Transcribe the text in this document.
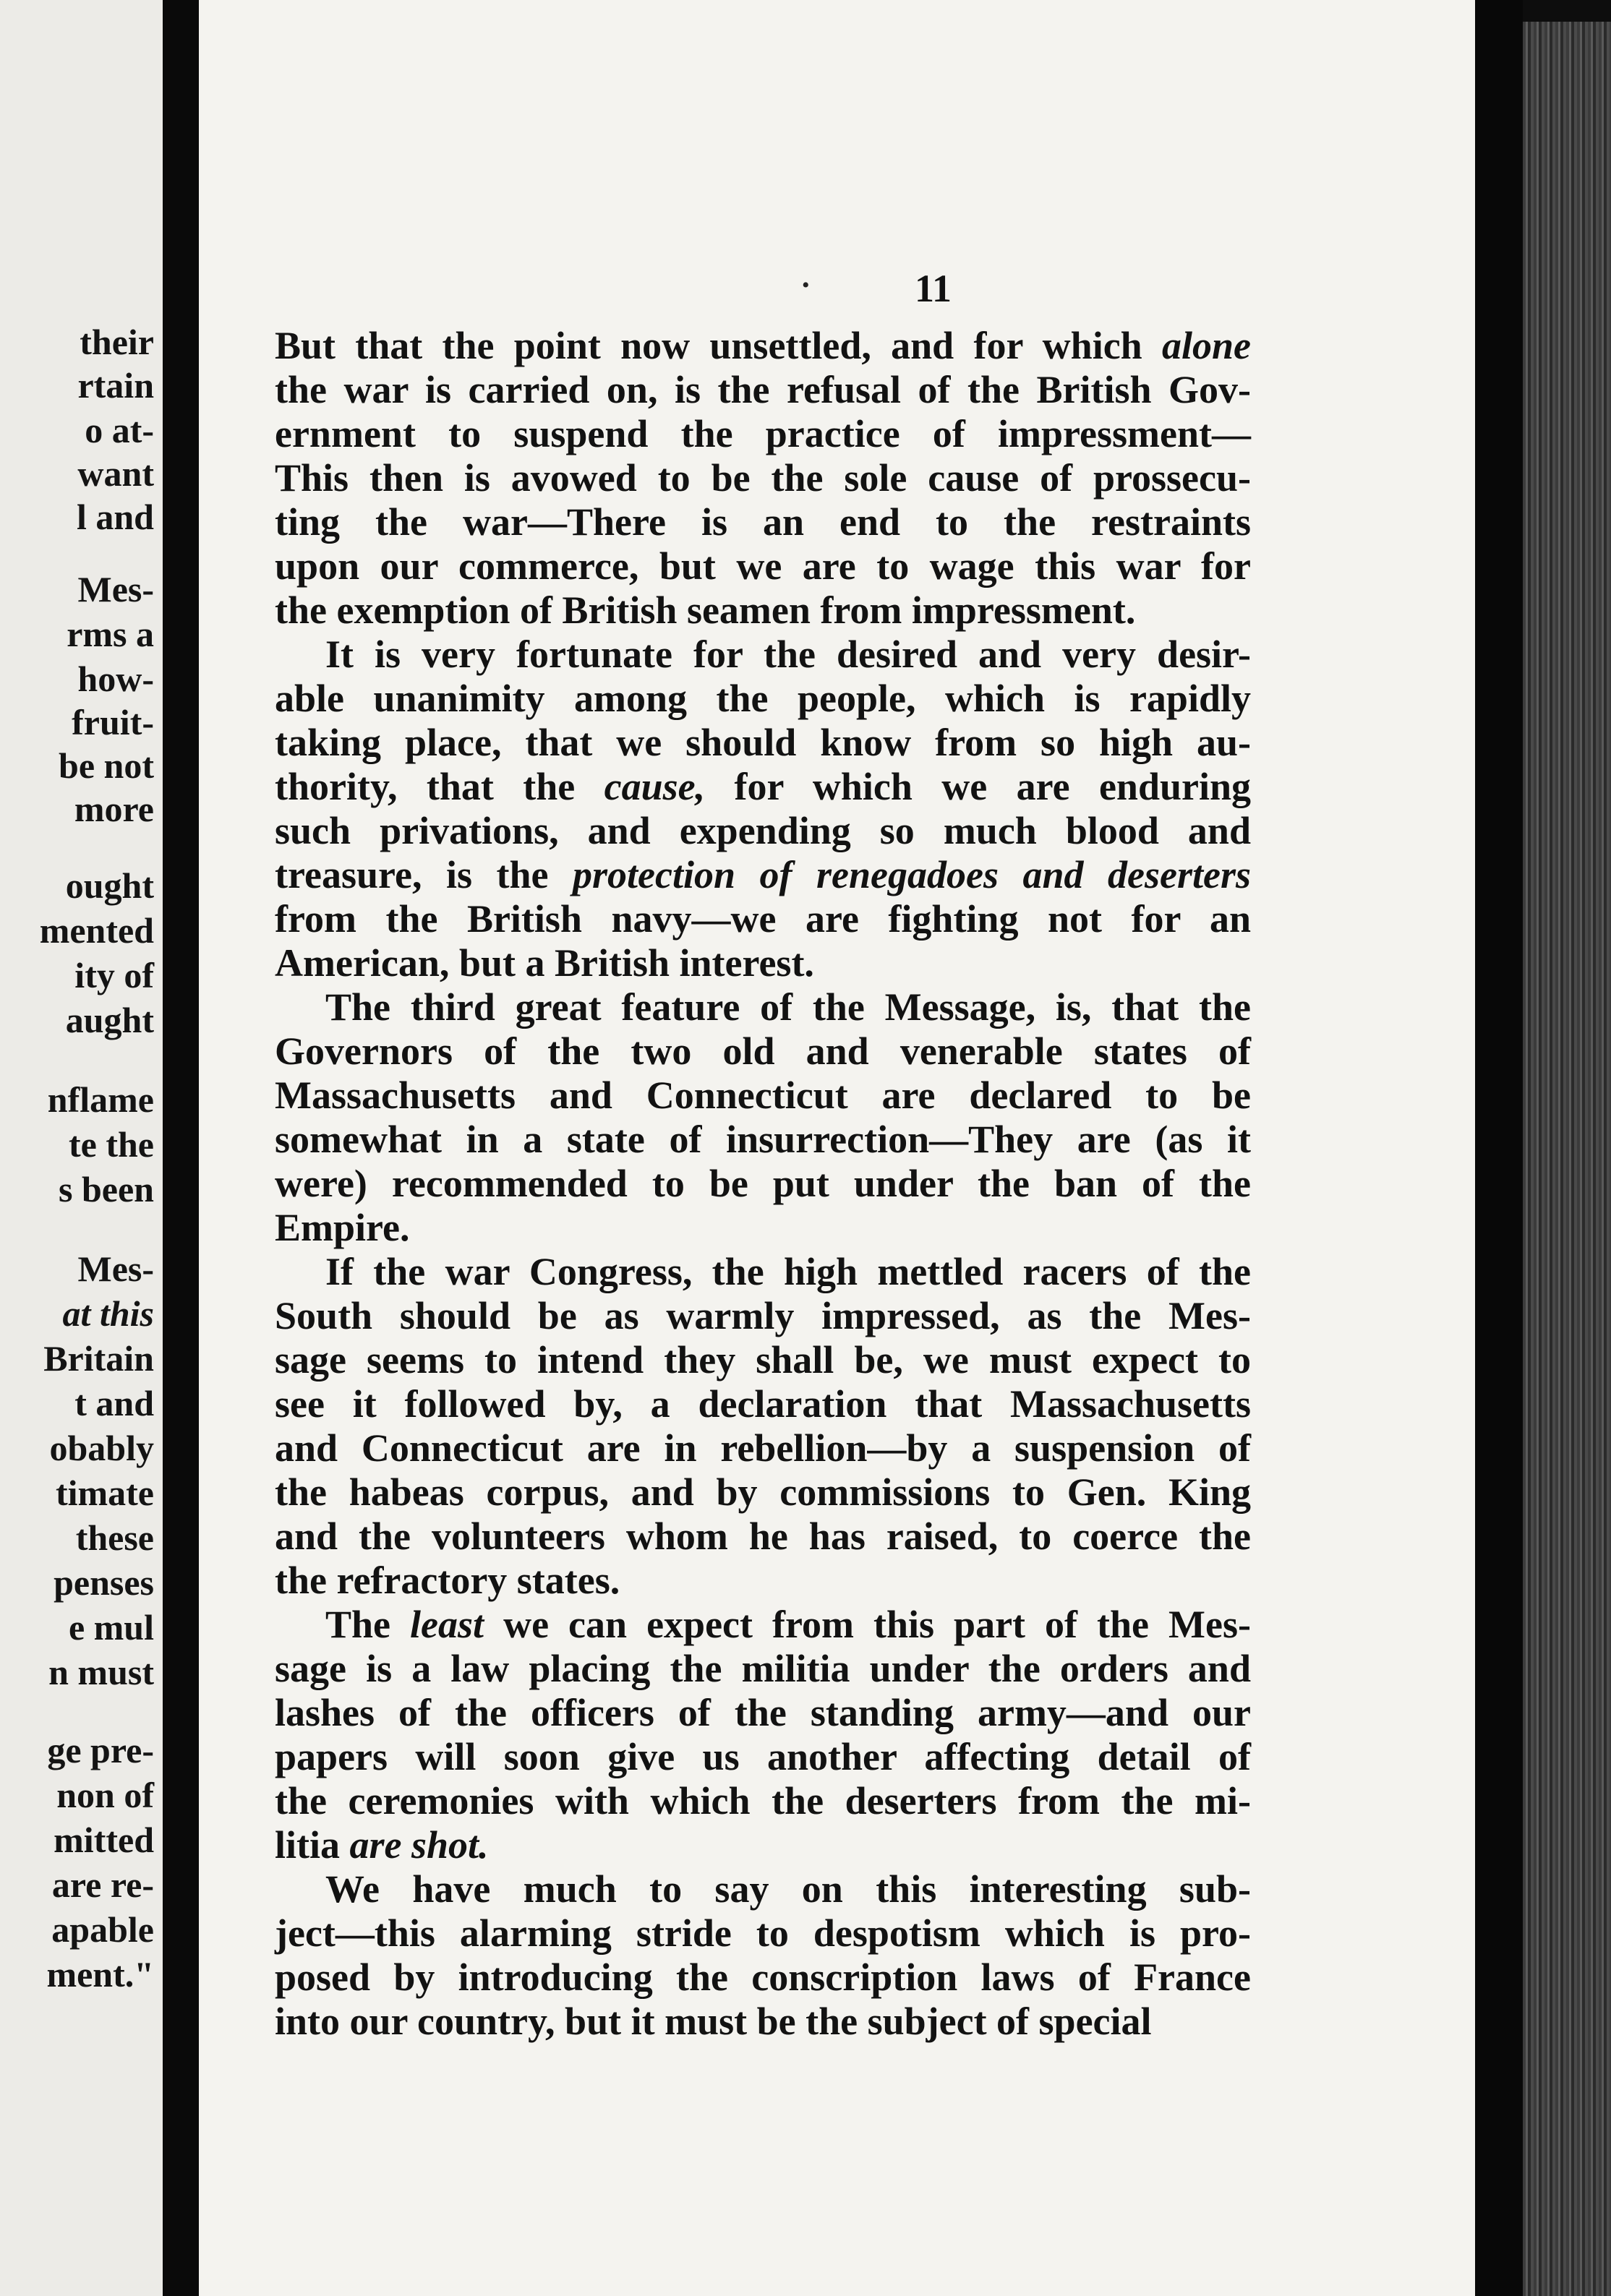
their
rtain
o at-
want
l and
Mes-
rms a
how-
fruit-
be not
more
ought
mented
ity of
aught
nflame
te the
s been
Mes-
at this
Britain
t and
obably
timate
these
penses
e mul
n must
ge pre-
non of
mitted
are re-
apable
ment."
•	11
But that the point now unsettled, and for which alone
the war is carried on, is the refusal of the British Gov-
ernment to suspend the practice of impressment—
This then is avowed to be the sole cause of prossecu-
ting the war—There is an end to the restraints
upon our commerce, but we are to wage this war for
the exemption of British seamen from impressment.
It is very fortunate for the desired and very desir-
able unanimity among the people, which is rapidly
taking place, that we should know from so high au-
thority, that the cause, for which we are enduring
such privations, and expending so much blood and
treasure, is the protection of renegadoes and deserters
from the British navy—we are fighting not for an
American, but a British interest.
The third great feature of the Message, is, that the
Governors of the two old and venerable states of
Massachusetts and Connecticut are declared to be
somewhat in a state of insurrection—They are (as it
were) recommended to be put under the ban of the
Empire.
If the war Congress, the high mettled racers of the
South should be as warmly impressed, as the Mes-
sage seems to intend they shall be, we must expect to
see it followed by, a declaration that Massachusetts
and Connecticut are in rebellion—by a suspension of
the habeas corpus, and by commissions to Gen. King
and the volunteers whom he has raised, to coerce the
the refractory states.
The least we can expect from this part of the Mes-
sage is a law placing the militia under the orders and
lashes of the officers of the standing army—and our
papers will soon give us another affecting detail of
the ceremonies with which the deserters from the mi-
litia are shot.
We have much to say on this interesting sub-
ject—this alarming stride to despotism which is pro-
posed by introducing the conscription laws of France
into our country, but it must be the subject of special
